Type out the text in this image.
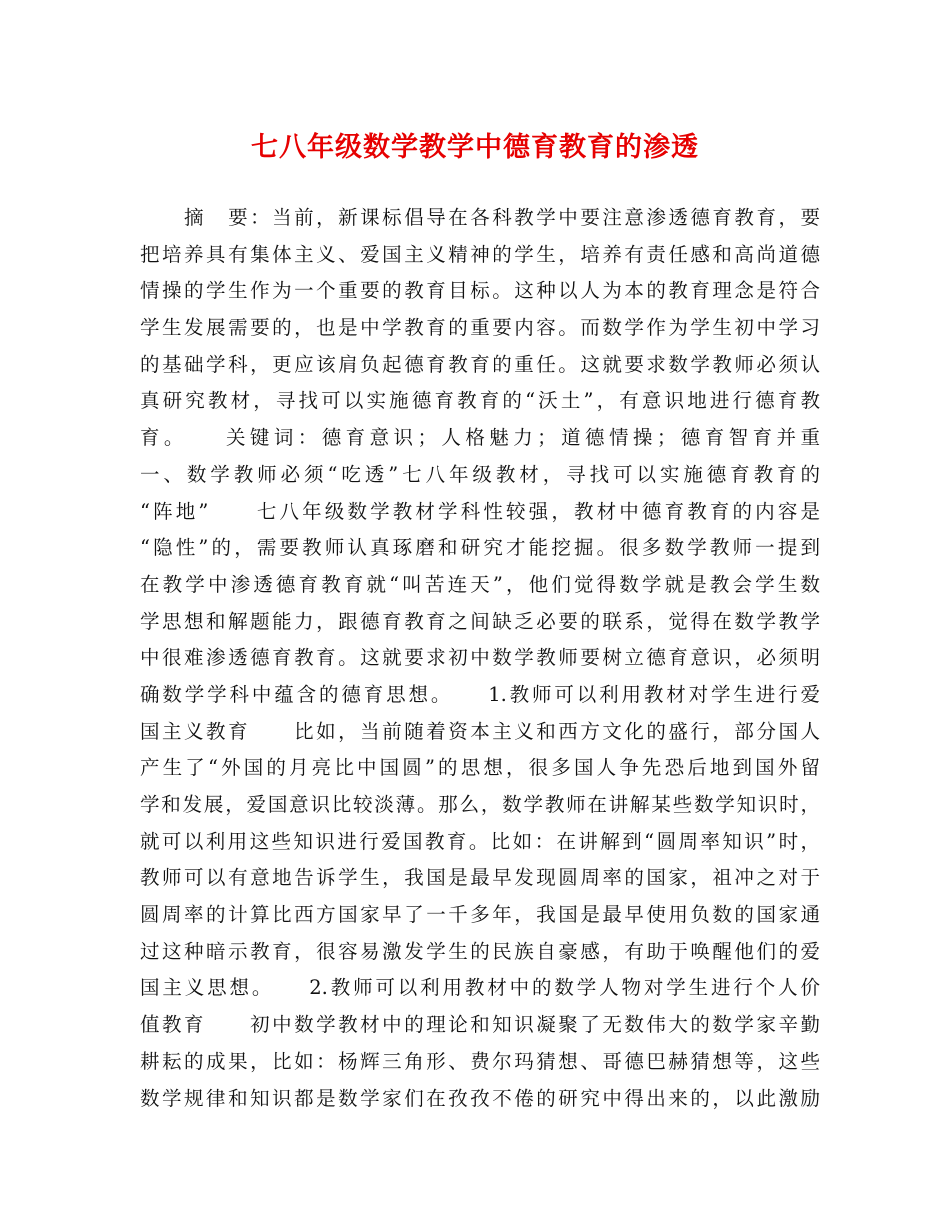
七八年级数学教学中德育教育的渗透
　　摘　要：当前，新课标倡导在各科教学中要注意渗透德育教育，要
把培养具有集体主义、爱国主义精神的学生，培养有责任感和高尚道德
情操的学生作为一个重要的教育目标。这种以人为本的教育理念是符合
学生发展需要的，也是中学教育的重要内容。而数学作为学生初中学习
的基础学科，更应该肩负起德育教育的重任。这就要求数学教师必须认
真研究教材，寻找可以实施德育教育的“沃土”，有意识地进行德育教
育。　　关键词：德育意识；人格魅力；道德情操；德育智育并重
一、数学教师必须“吃透”七八年级教材，寻找可以实施德育教育的
“阵地”　　七八年级数学教材学科性较强，教材中德育教育的内容是
“隐性”的，需要教师认真琢磨和研究才能挖掘。很多数学教师一提到
在教学中渗透德育教育就“叫苦连天”，他们觉得数学就是教会学生数
学思想和解题能力，跟德育教育之间缺乏必要的联系，觉得在数学教学
中很难渗透德育教育。这就要求初中数学教师要树立德育意识，必须明
确数学学科中蕴含的德育思想。　　1.教师可以利用教材对学生进行爱
国主义教育　　比如，当前随着资本主义和西方文化的盛行，部分国人
产生了“外国的月亮比中国圆”的思想，很多国人争先恐后地到国外留
学和发展，爱国意识比较淡薄。那么，数学教师在讲解某些数学知识时，
就可以利用这些知识进行爱国教育。比如：在讲解到“圆周率知识”时，
教师可以有意地告诉学生，我国是最早发现圆周率的国家，祖冲之对于
圆周率的计算比西方国家早了一千多年，我国是最早使用负数的国家通
过这种暗示教育，很容易激发学生的民族自豪感，有助于唤醒他们的爱
国主义思想。　　2.教师可以利用教材中的数学人物对学生进行个人价
值教育　　初中数学教材中的理论和知识凝聚了无数伟大的数学家辛勤
耕耘的成果，比如：杨辉三角形、费尔玛猜想、哥德巴赫猜想等，这些
数学规律和知识都是数学家们在孜孜不倦的研究中得出来的，以此激励
